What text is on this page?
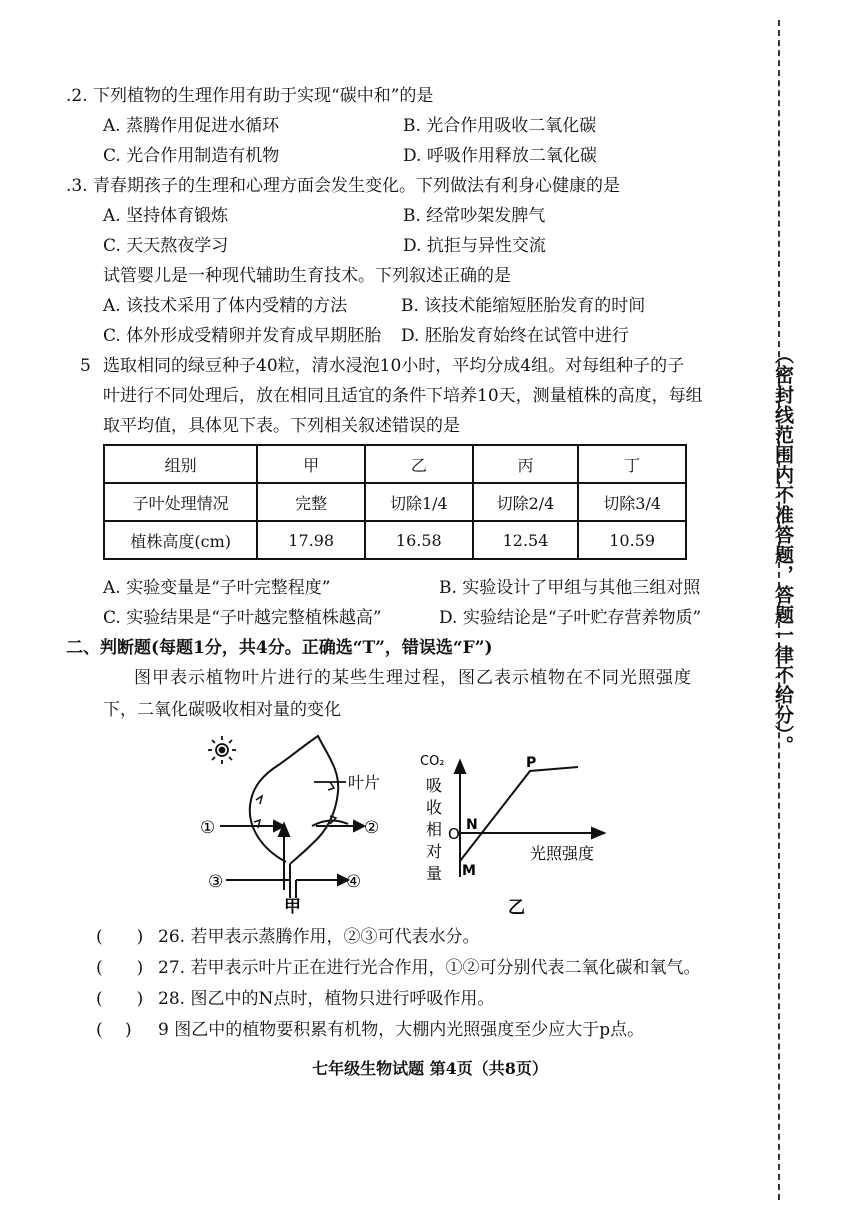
.2. 下列植物的生理作用有助于实现“碳中和”的是
A. 蒸腾作用促进水循环	B. 光合作用吸收二氧化碳
C. 光合作用制造有机物	D. 呼吸作用释放二氧化碳
.3. 青春期孩子的生理和心理方面会发生变化。下列做法有利身心健康的是
A. 坚持体育锻炼	B. 经常吵架发脾气
C. 天天熬夜学习	D. 抗拒与异性交流
试管婴儿是一种现代辅助生育技术。下列叙述正确的是
A. 该技术采用了体内受精的方法	B. 该技术能缩短胚胎发育的时间
C. 体外形成受精卵并发育成早期胚胎 D. 胚胎发育始终在试管中进行
5 选取相同的绿豆种子40粒，清水浸泡10小时，平均分成4组。对每组种子的子
叶进行不同处理后，放在相同且适宜的条件下培养10天，测量植株的高度，每组
取平均值，具体见下表。下列相关叙述错误的是
组别	甲	乙	丙	丁
子叶处理情况	完整	切除1/4	切除2/4	切除3/4
植株高度(cm)	17.98	16.58	12.54	10.59
A. 实验变量是“子叶完整程度”	B. 实验设计了甲组与其他三组对照
C. 实验结果是“子叶越完整植株越高”	D. 实验结论是“子叶贮存营养物质”
二、判断题(每题1分，共4分。正确选“T”，错误选“F”)
图甲表示植物叶片进行的某些生理过程，图乙表示植物在不同光照强度
下，二氧化碳吸收相对量的变化
叶片
①	②
③	④
甲
CO₂
吸
收
相
对
量
O
P
N
M
光照强度
乙
(　　) 26. 若甲表示蒸腾作用，②③可代表水分。
(　　) 27. 若甲表示叶片正在进行光合作用，①②可分别代表二氧化碳和氧气。
(　　) 28. 图乙中的N点时，植物只进行呼吸作用。
(　 ) 9 图乙中的植物要积累有机物，大棚内光照强度至少应大于p点。
七年级生物试题 第4页（共8页）
（密封线范围内不准答题，答题一律不给分）。
